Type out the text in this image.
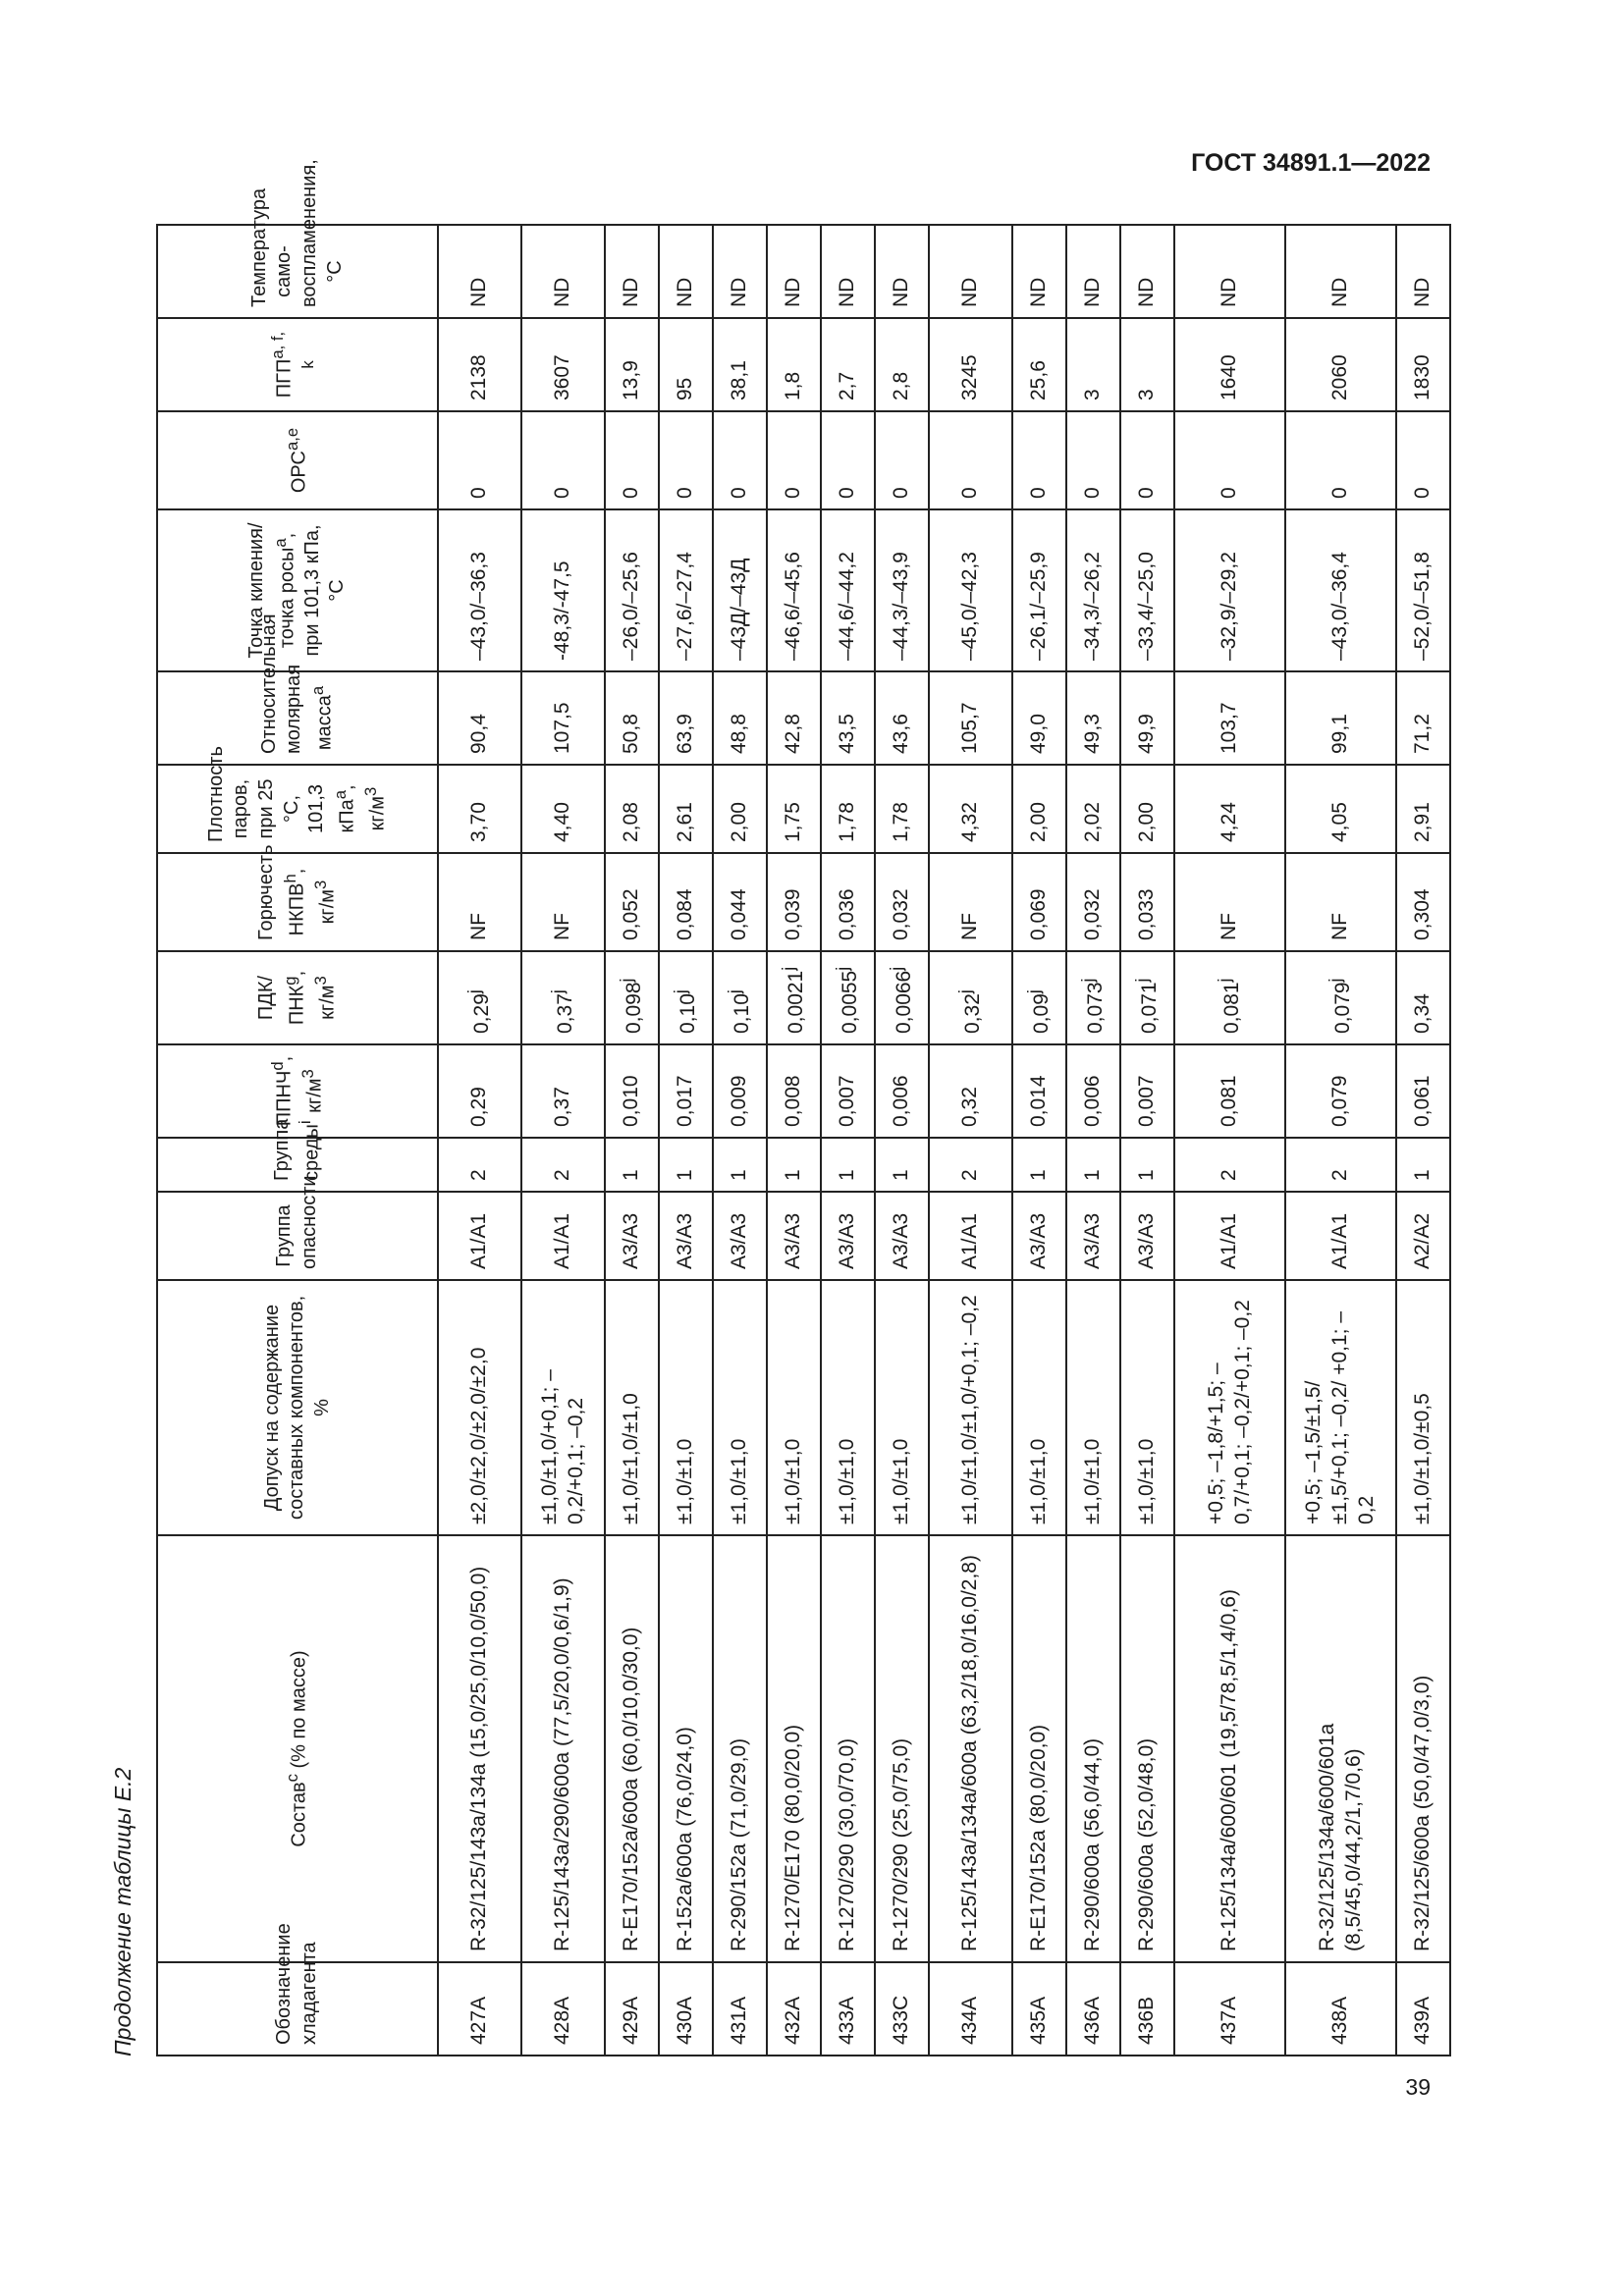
ГОСТ 34891.1—2022
Продолжение таблицы Е.2	Обозначение хладагента	Состав$^c$ (% по массе)	Допуск на содержание составных компонентов, %	Группа опасности	Группа среды$^i$	ППНЧ$^d$, $кг/м^3$	ПДК/ПНК$^g$, $кг/м^3$	Горючесть НКПВ$^h$, $кг/м^3$	Плотность паров, при 25 °С, 101,3 кПа$^a$, $кг/м^3$	Относительная молярная масса$^a$	Точка кипения/точка росы$^a$, при 101,3 кПа, °С	ОРС$^{a,e}$	ПГП$^{a, f, k}$	Температура само-воспламенения, °С
427A	R-32/125/143a/134a (15,0/25,0/10,0/50,0)	±2,0/±2,0/±2,0/±2,0	A1/A1	2	0,29	0,29$^j$	NF	3,70	90,4	–43,0/–36,3	0	2138	ND
428A	R-125/143a/290/600a (77,5/20,0/0,6/1,9)	±1,0/±1,0/+0,1; –0,2/+0,1; –0,2	A1/A1	2	0,37	0,37$^j$	NF	4,40	107,5	-48,3/-47,5	0	3607	ND
429A	R-E170/152a/600a (60,0/10,0/30,0)	±1,0/±1,0/±1,0	A3/A3	1	0,010	0,098$^j$	0,052	2,08	50,8	–26,0/–25,6	0	13,9	ND
430A	R-152a/600a (76,0/24,0)	±1,0/±1,0	A3/A3	1	0,017	0,10$^j$	0,084	2,61	63,9	–27,6/–27,4	0	95	ND
431A	R-290/152a (71,0/29,0)	±1,0/±1,0	A3/A3	1	0,009	0,10$^j$	0,044	2,00	48,8	–43Д/–43Д	0	38,1	ND
432A	R-1270/E170 (80,0/20,0)	±1,0/±1,0	A3/A3	1	0,008	0,0021$^j$	0,039	1,75	42,8	–46,6/–45,6	0	1,8	ND
433A	R-1270/290 (30,0/70,0)	±1,0/±1,0	A3/A3	1	0,007	0,0055$^j$	0,036	1,78	43,5	–44,6/–44,2	0	2,7	ND
433C	R-1270/290 (25,0/75,0)	±1,0/±1,0	A3/A3	1	0,006	0,0066$^j$	0,032	1,78	43,6	–44,3/–43,9	0	2,8	ND
434A	R-125/143a/134a/600a (63,2/18,0/16,0/2,8)	±1,0/±1,0/±1,0/+0,1; –0,2	A1/A1	2	0,32	0,32$^j$	NF	4,32	105,7	–45,0/–42,3	0	3245	ND
435A	R-E170/152a (80,0/20,0)	±1,0/±1,0	A3/A3	1	0,014	0,09$^j$	0,069	2,00	49,0	–26,1/–25,9	0	25,6	ND
436A	R-290/600a (56,0/44,0)	±1,0/±1,0	A3/A3	1	0,006	0,073$^j$	0,032	2,02	49,3	–34,3/–26,2	0	3	ND
436B	R-290/600a (52,0/48,0)	±1,0/±1,0	A3/A3	1	0,007	0,071$^j$	0,033	2,00	49,9	–33,4/–25,0	0	3	ND
437A	R-125/134a/600/601 (19,5/78,5/1,4/0,6)	+0,5; –1,8/+1,5; –0,7/+0,1; –0,2/+0,1; –0,2	A1/A1	2	0,081	0,081$^j$	NF	4,24	103,7	–32,9/–29,2	0	1640	ND
438A	R-32/125/134a/600/601a (8,5/45,0/44,2/1,7/0,6)	+0,5; –1,5/±1,5/±1,5/+0,1; –0,2/ +0,1; –0,2	A1/A1	2	0,079	0,079$^j$	NF	4,05	99,1	–43,0/–36,4	0	2060	ND
439A	R-32/125/600a (50,0/47,0/3,0)	±1,0/±1,0/±0,5	A2/A2	1	0,061	0,34	0,304	2,91	71,2	–52,0/–51,8	0	1830	ND
39
